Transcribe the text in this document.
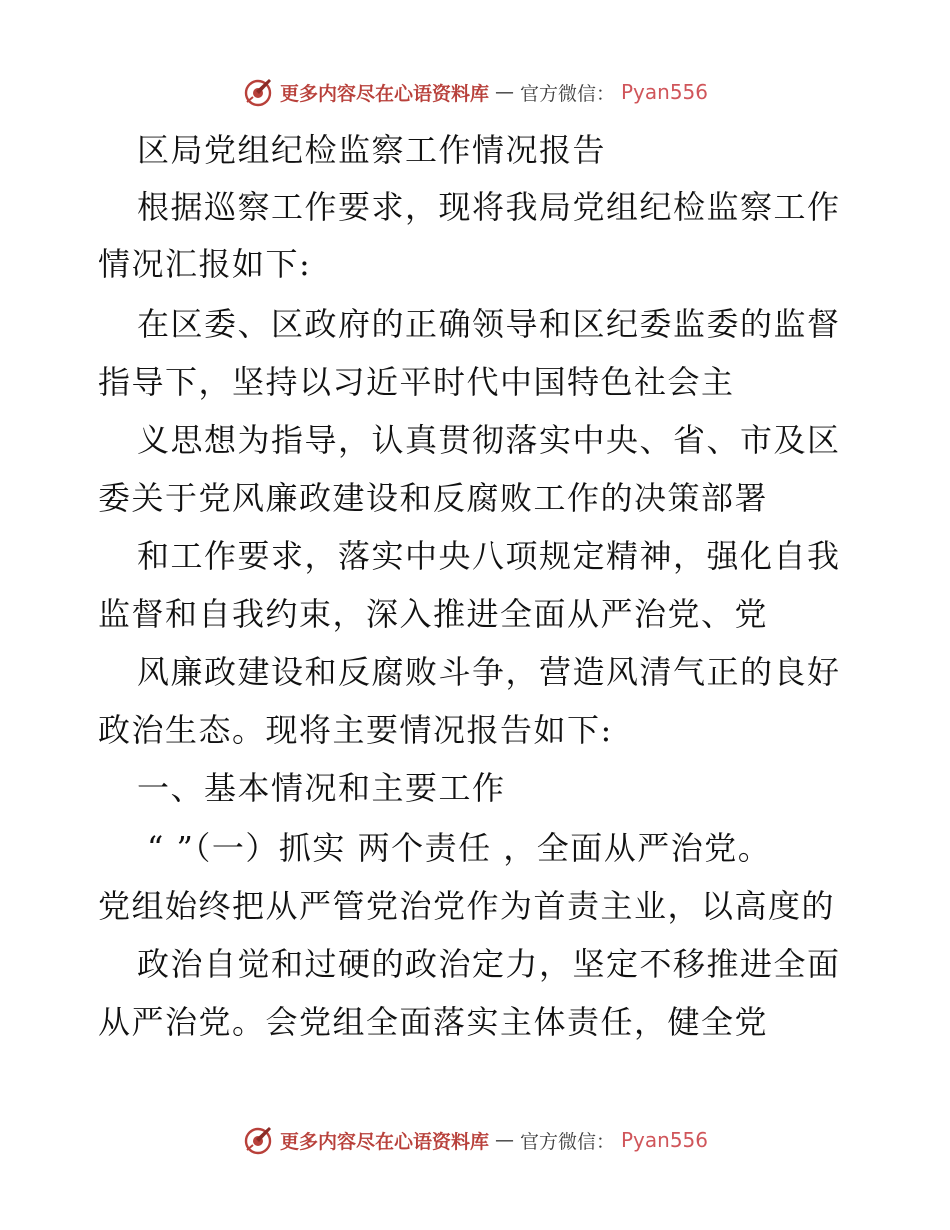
更多内容尽在心语资料库 — 官方微信： Pyan556
区局党组纪检监察工作情况报告
根据巡察工作要求，现将我局党组纪检监察工作
情况汇报如下:
在区委、区政府的正确领导和区纪委监委的监督
指导下，坚持以习近平时代中国特色社会主
义思想为指导，认真贯彻落实中央、省、市及区
委关于党风廉政建设和反腐败工作的决策部署
和工作要求，落实中央八项规定精神，强化自我
监督和自我约束，深入推进全面从严治党、党
风廉政建设和反腐败斗争，营造风清气正的良好
政治生态。现将主要情况报告如下:
一、基本情况和主要工作
“ ”（一）抓实 两个责任 ，全面从严治党。
党组始终把从严管党治党作为首责主业，以高度的
政治自觉和过硬的政治定力，坚定不移推进全面
从严治党。会党组全面落实主体责任，健全党
更多内容尽在心语资料库 — 官方微信： Pyan556
